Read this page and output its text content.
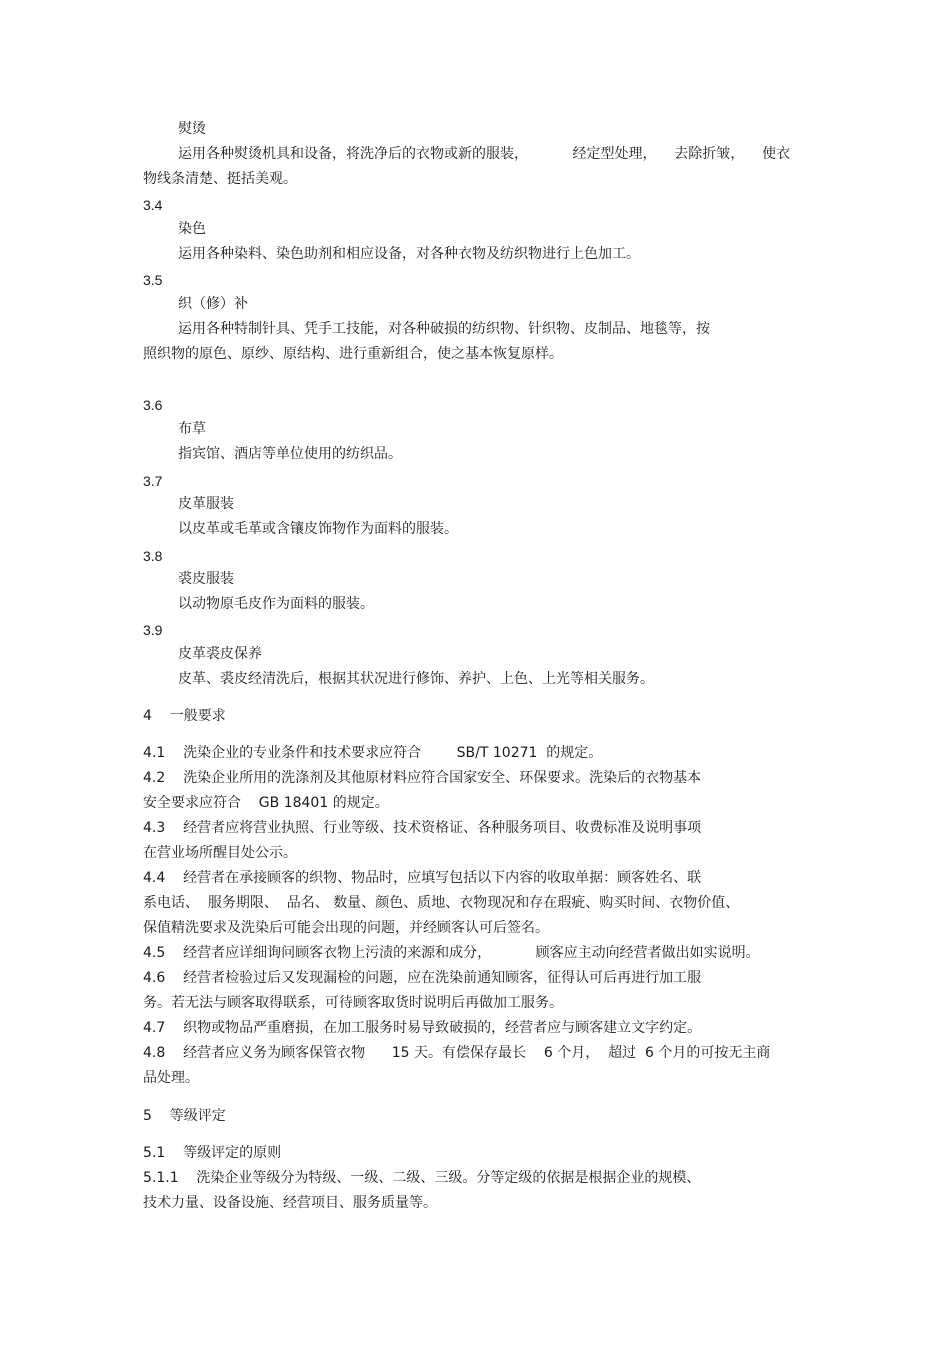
熨烫
运用各种熨烫机具和设备，将洗净后的衣物或新的服装，          经定型处理，    去除折皱，    使衣
物线条清楚、挺括美观。
3.4
染色
运用各种染料、染色助剂和相应设备，对各种衣物及纺织物进行上色加工。
3.5
织（修）补
运用各种特制针具、凭手工技能，对各种破损的纺织物、针织物、皮制品、地毯等，按
照织物的原色、原纱、原结构、进行重新组合，使之基本恢复原样。
3.6
布草
指宾馆、酒店等单位使用的纺织品。
3.7
皮革服装
以皮革或毛革或含镶皮饰物作为面料的服装。
3.8
裘皮服装
以动物原毛皮作为面料的服装。
3.9
皮革裘皮保养
皮革、裘皮经清洗后，根据其状况进行修饰、养护、上色、上光等相关服务。
4    一般要求
4.1    洗染企业的专业条件和技术要求应符合        SB/T 10271  的规定。
4.2    洗染企业所用的洗涤剂及其他原材料应符合国家安全、环保要求。洗染后的衣物基本
安全要求应符合    GB 18401 的规定。
4.3    经营者应将营业执照、行业等级、技术资格证、各种服务项目、收费标准及说明事项
在营业场所醒目处公示。
4.4    经营者在承接顾客的织物、物品时，应填写包括以下内容的收取单据：顾客姓名、联
系电话、  服务期限、  品名、 数量、颜色、质地、衣物现况和存在瑕疵、购买时间、衣物价值、
保值精洗要求及洗染后可能会出现的问题，并经顾客认可后签名。
4.5    经营者应详细询问顾客衣物上污渍的来源和成分，          顾客应主动向经营者做出如实说明。
4.6    经营者检验过后又发现漏检的问题，应在洗染前通知顾客，征得认可后再进行加工服
务。若无法与顾客取得联系，可待顾客取货时说明后再做加工服务。
4.7    织物或物品严重磨损，在加工服务时易导致破损的，经营者应与顾客建立文字约定。
4.8    经营者应义务为顾客保管衣物      15 天。有偿保存最长    6 个月，  超过  6 个月的可按无主商
品处理。
5    等级评定
5.1    等级评定的原则
5.1.1    洗染企业等级分为特级、一级、二级、三级。分等定级的依据是根据企业的规模、
技术力量、设备设施、经营项目、服务质量等。
